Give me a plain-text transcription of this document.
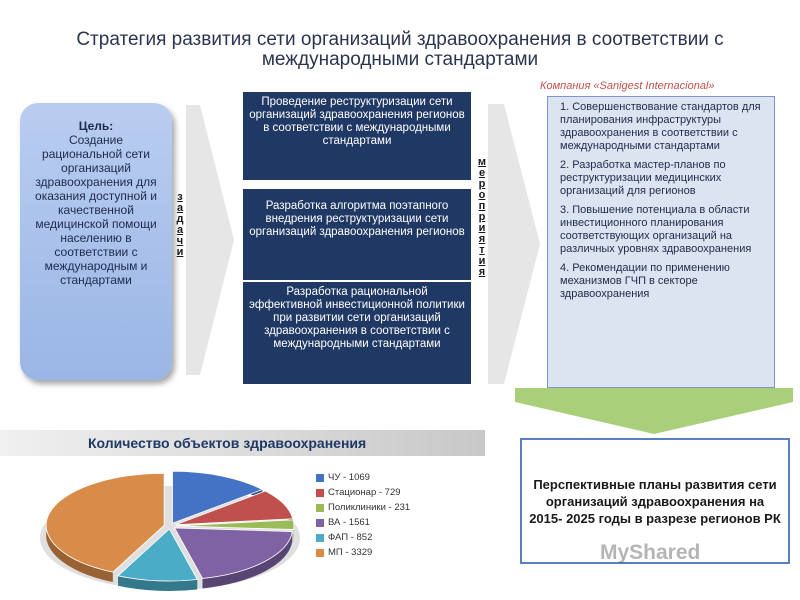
Стратегия развития сети организаций здравоохранения в соответствии с международными стандартами
Компания «Sanigest Internacional»
Цель:
Создание рациональной сети организаций здравоохранения для оказания доступной и качественной медицинской помощи населению в соответствии с международным и стандартами
з
а
д
а
ч
и
Проведение реструктуризации сети организаций здравоохранения регионов в соответствии с международными стандартами
Разработка алгоритма поэтапного внедрения реструктуризации сети организаций здравоохранения регионов
Разработка рациональной эффективной инвестиционной политики при развитии сети организаций здравоохранения в соответствии с международными стандартами
м
е
р
о
п
р
и
я
т
и
я

1. Совершенствование стандартов для планирования инфраструктуры здравоохранения в соответствии с международными стандартами

2. Разработка мастер-планов по реструктуризации медицинских организаций для регионов

3. Повышение потенциала в области инвестиционного планирования соответствующих организаций на различных уровнях здравоохранения

4. Рекомендации по применению механизмов ГЧП в секторе здравоохранения

Количество объектов здравоохранения
ЧУ - 1069
Стационар - 729
Поликлиники - 231
ВА - 1561
ФАП - 852
МП - 3329
Перспективные планы развития сети организаций здравоохранения на 2015- 2025 годы в разрезе регионов РК
MyShared
